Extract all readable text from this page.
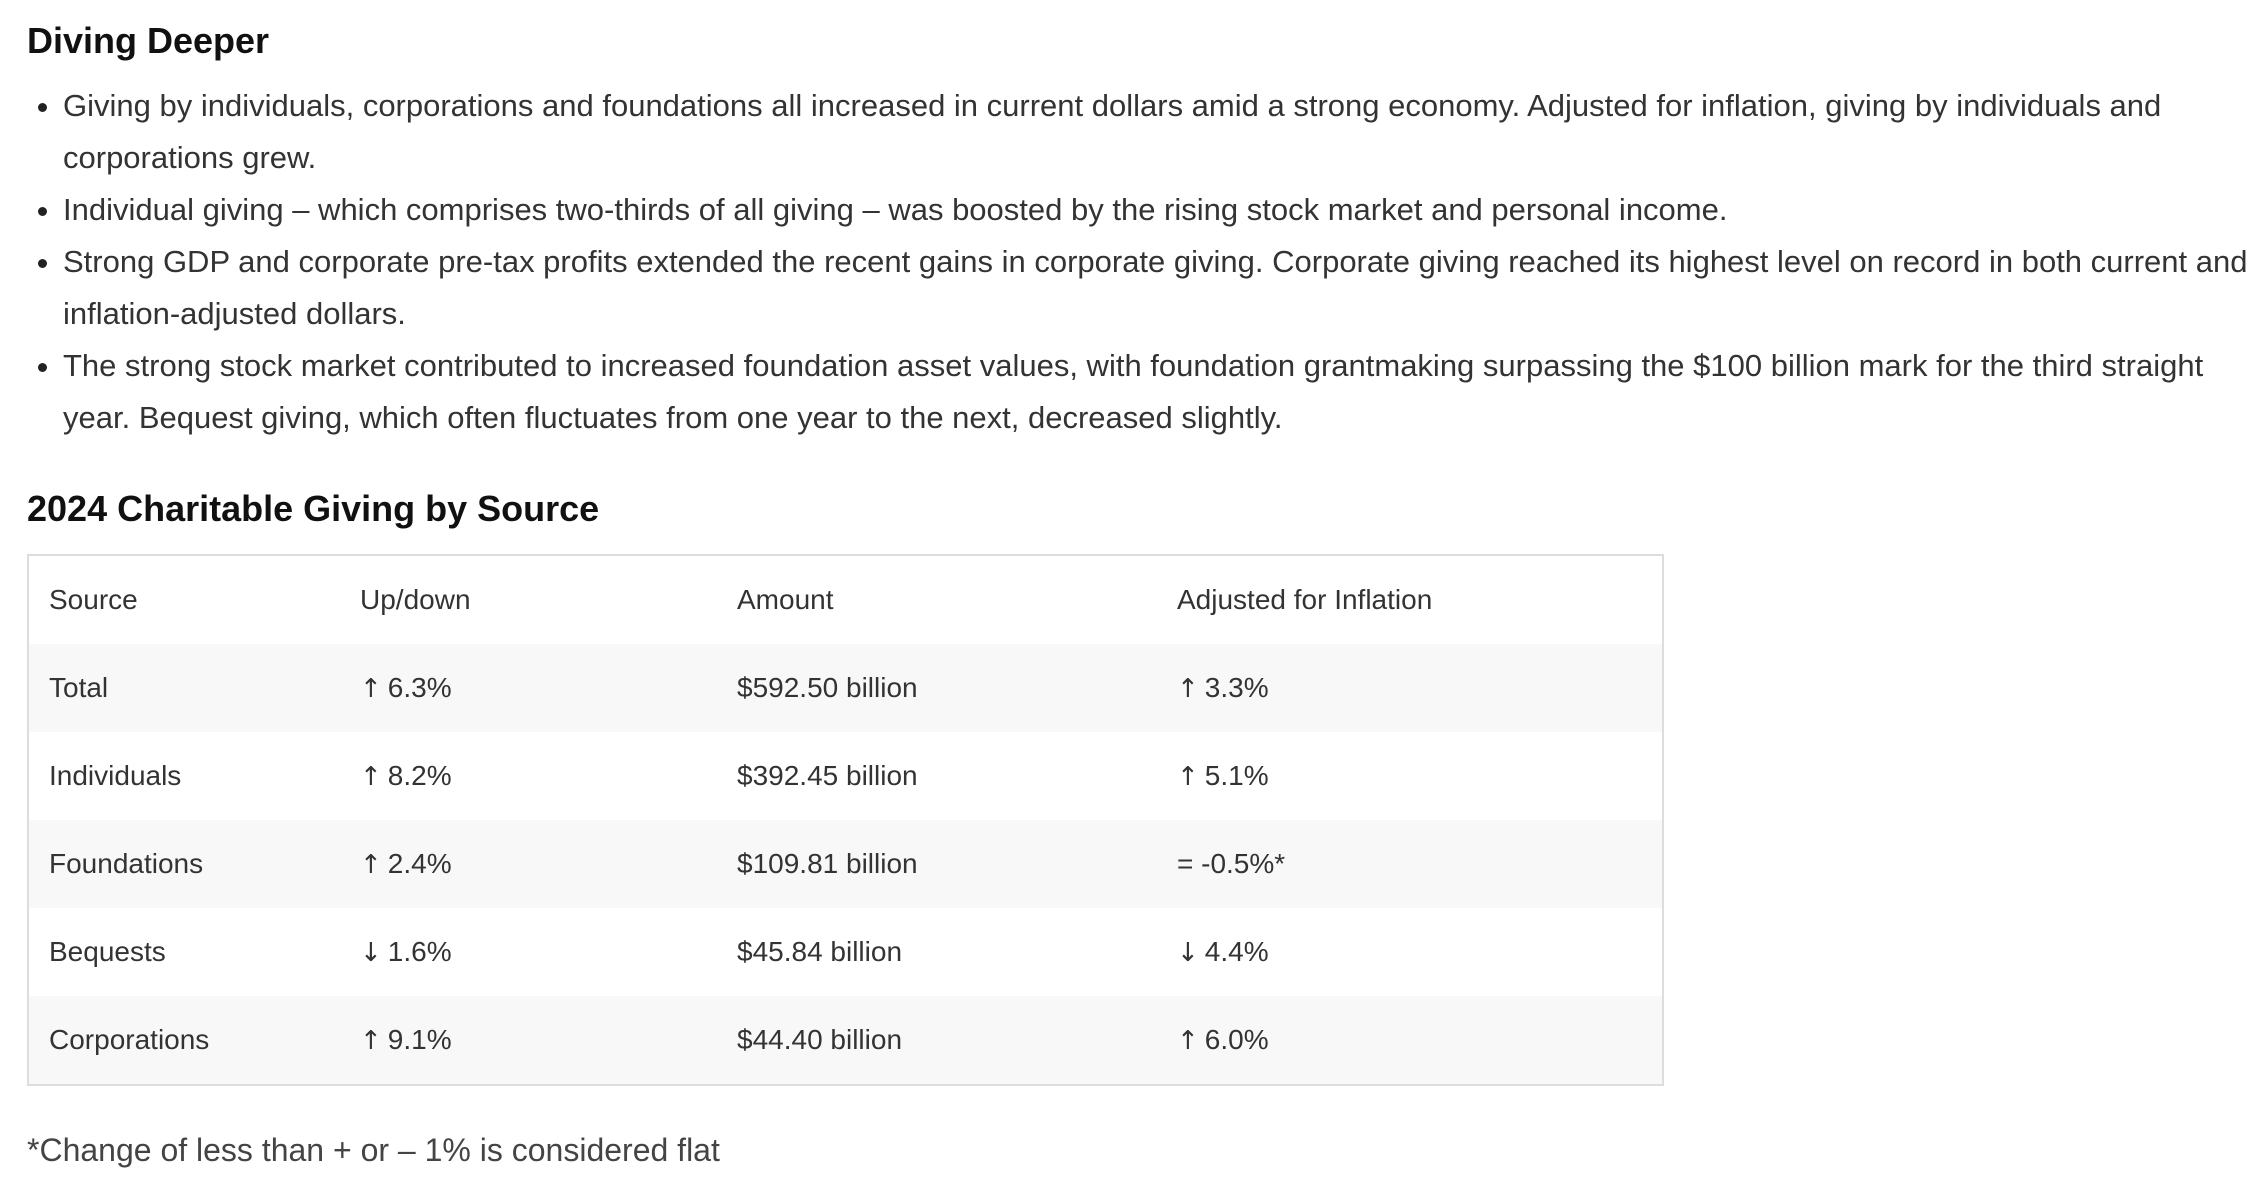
Diving Deeper
• Giving by individuals, corporations and foundations all increased in current dollars amid a strong economy. Adjusted for inflation, giving by individuals and corporations grew.
• Individual giving – which comprises two-thirds of all giving – was boosted by the rising stock market and personal income.
• Strong GDP and corporate pre-tax profits extended the recent gains in corporate giving. Corporate giving reached its highest level on record in both current and inflation-adjusted dollars.
• The strong stock market contributed to increased foundation asset values, with foundation grantmaking surpassing the $100 billion mark for the third straight year. Bequest giving, which often fluctuates from one year to the next, decreased slightly.
2024 Charitable Giving by Source
Source	Up/down	Amount	Adjusted for Inflation
Total	↑ 6.3%	$592.50 billion	↑ 3.3%
Individuals	↑ 8.2%	$392.45 billion	↑ 5.1%
Foundations	↑ 2.4%	$109.81 billion	= -0.5%*
Bequests	↓ 1.6%	$45.84 billion	↓ 4.4%
Corporations	↑ 9.1%	$44.40 billion	↑ 6.0%

*Change of less than + or – 1% is considered flat
